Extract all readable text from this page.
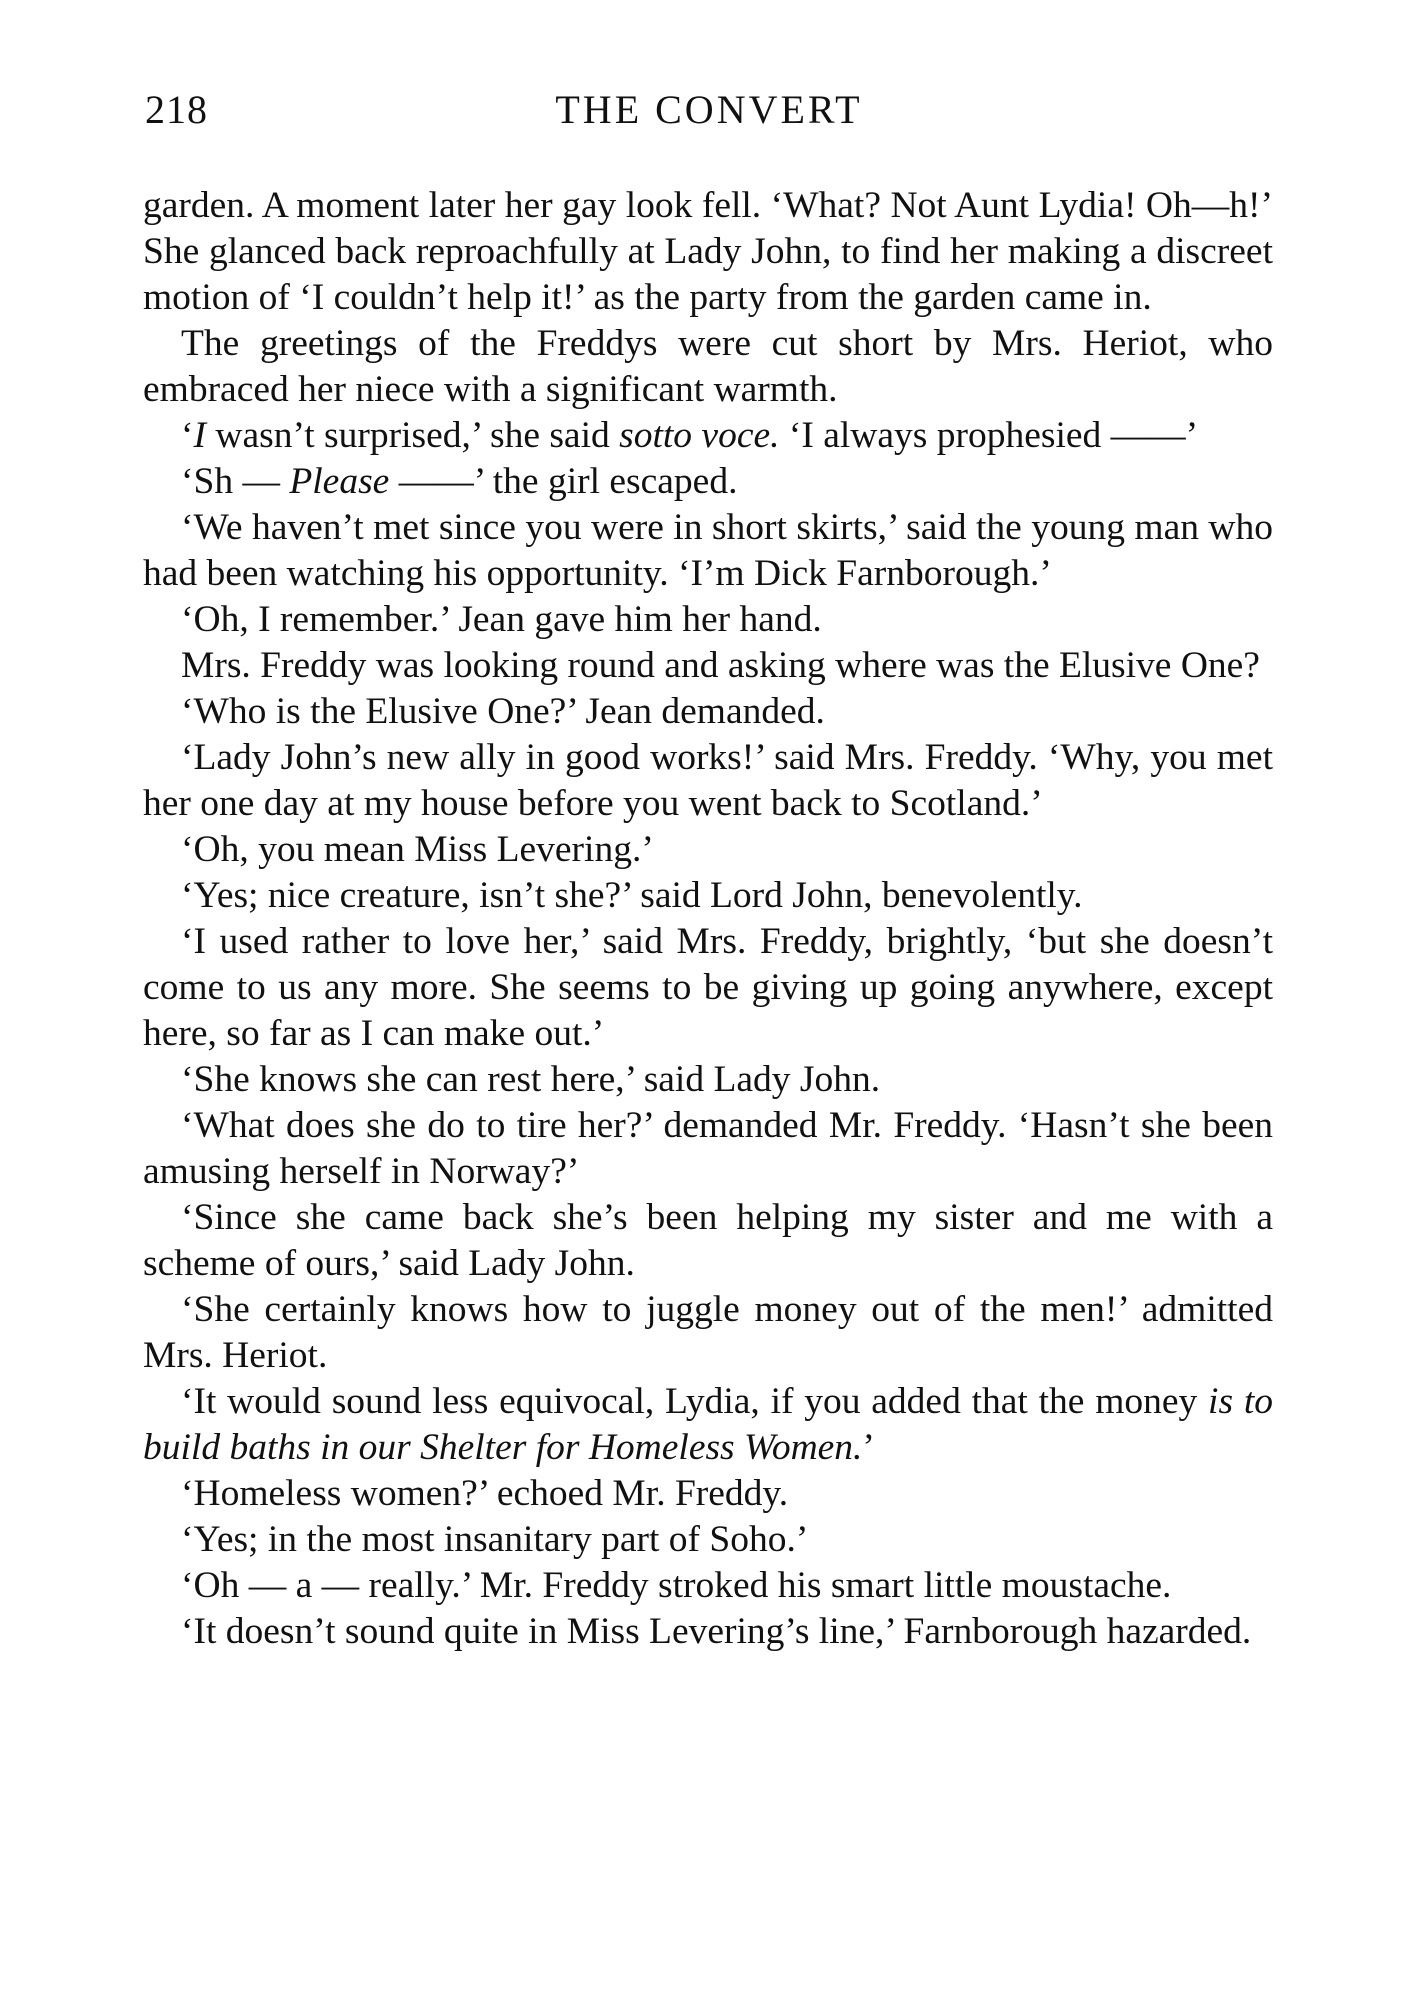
218	THE CONVERT

garden. A moment later her gay look fell. ‘What? Not Aunt Lydia! Oh—h!’ She glanced back reproachfully at Lady John, to find her making a discreet motion of ‘I couldn’t help it!’ as the party from the garden came in.

The greetings of the Freddys were cut short by Mrs. Heriot, who embraced her niece with a significant warmth.

‘I wasn’t surprised,’ she said sotto voce. ‘I always prophesied ——’

‘Sh — Please ——’ the girl escaped.

‘We haven’t met since you were in short skirts,’ said the young man who had been watching his opportunity. ‘I’m Dick Farnborough.’

‘Oh, I remember.’ Jean gave him her hand.

Mrs. Freddy was looking round and asking where was the Elusive One?

‘Who is the Elusive One?’ Jean demanded.

‘Lady John’s new ally in good works!’ said Mrs. Freddy. ‘Why, you met her one day at my house before you went back to Scotland.’

‘Oh, you mean Miss Levering.’

‘Yes; nice creature, isn’t she?’ said Lord John, benevolently.

‘I used rather to love her,’ said Mrs. Freddy, brightly, ‘but she doesn’t come to us any more. She seems to be giving up going anywhere, except here, so far as I can make out.’

‘She knows she can rest here,’ said Lady John.

‘What does she do to tire her?’ demanded Mr. Freddy. ‘Hasn’t she been amusing herself in Norway?’

‘Since she came back she’s been helping my sister and me with a scheme of ours,’ said Lady John.

‘She certainly knows how to juggle money out of the men!’ admitted Mrs. Heriot.

‘It would sound less equivocal, Lydia, if you added that the money is to build baths in our Shelter for Homeless Women.’

‘Homeless women?’ echoed Mr. Freddy.

‘Yes; in the most insanitary part of Soho.’

‘Oh — a — really.’ Mr. Freddy stroked his smart little moustache.

‘It doesn’t sound quite in Miss Levering’s line,’ Farnborough hazarded.
